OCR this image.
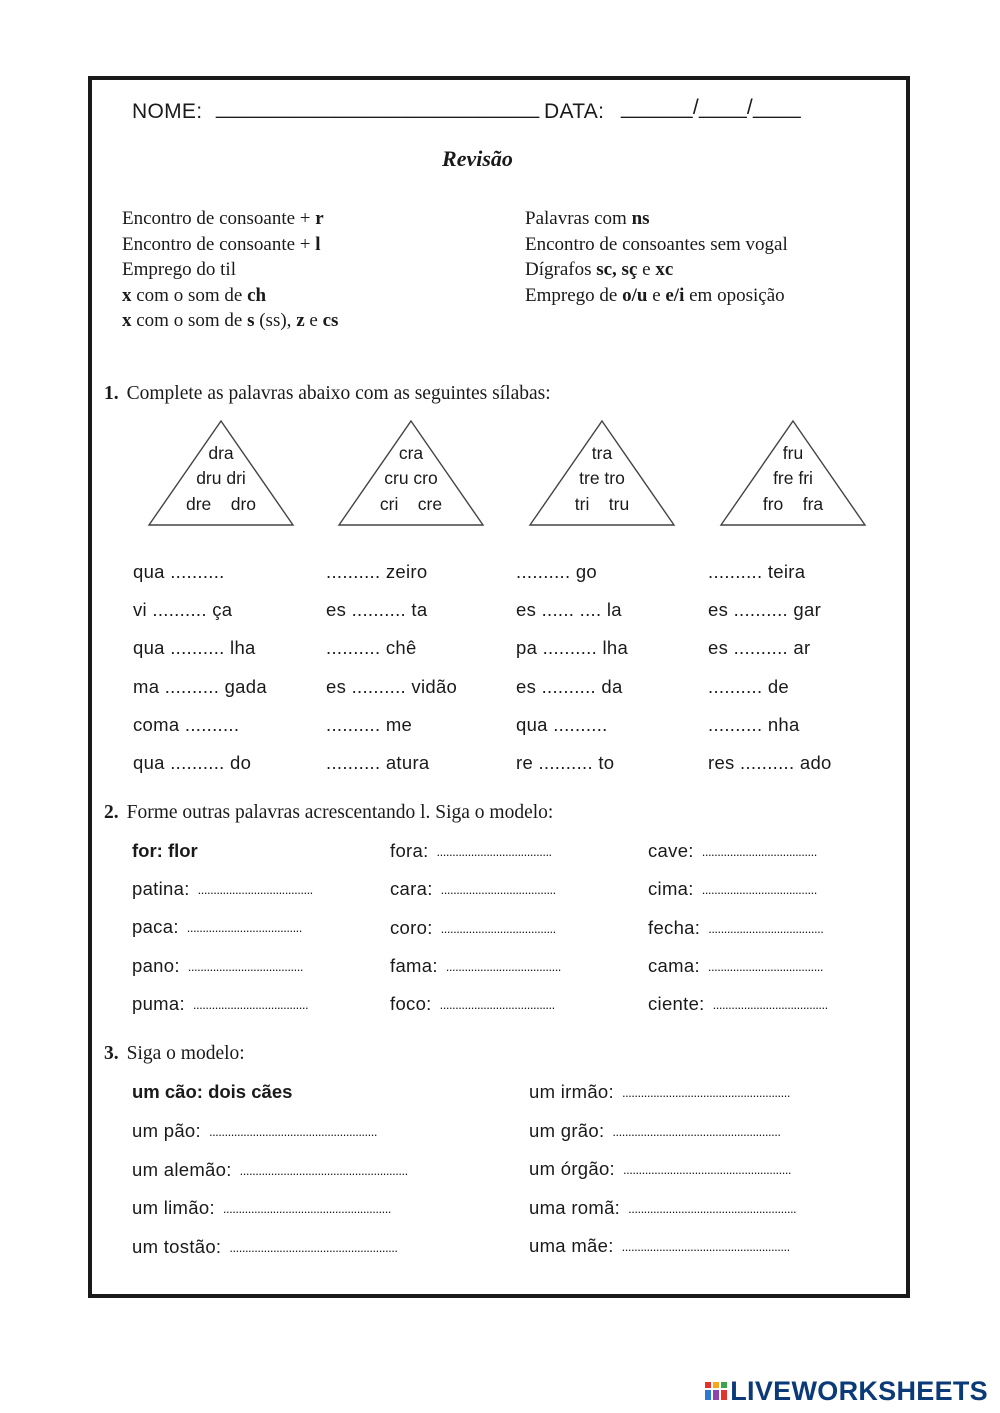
NOME: ___________________________ DATA: ______/____/____
Revisão
Encontro de consoante + r
Encontro de consoante + l
Emprego do til
x com o som de ch
x com o som de s (ss), z e cs
Palavras com ns
Encontro de consoantes sem vogal
Dígrafos sc, sç e xc
Emprego de o/u e e/i em oposição
1. Complete as palavras abaixo com as seguintes sílabas:
dra
dru dri
dre    dro
cra
cru cro
cri    cre
tra
tre tro
tri    tru
fru
fre fri
fro    fra
qua ..........
vi .......... ça
qua .......... lha
ma .......... gada
coma ..........
qua .......... do
.......... zeiro
es .......... ta
.......... chê
es .......... vidão
.......... me
.......... atura
.......... go
es ...... .... la
pa .......... lha
es .......... da
qua ..........
re .......... to
.......... teira
es .......... gar
es .......... ar
.......... de
.......... nha
res .......... ado
2. Forme outras palavras acrescentando l. Siga o modelo:
for: flor
patina: .....................................
paca: .....................................
pano: .....................................
puma: .....................................
fora: .....................................
cara: .....................................
coro: .....................................
fama: .....................................
foco: .....................................
cave: .....................................
cima: .....................................
fecha: .....................................
cama: .....................................
ciente: .....................................
3. Siga o modelo:
um cão: dois cães
um pão: ......................................................
um alemão: ......................................................
um limão: ......................................................
um tostão: ......................................................
um irmão: ......................................................
um grão: ......................................................
um órgão: ......................................................
uma romã: ......................................................
uma mãe: ......................................................
LIVEWORKSHEETS
